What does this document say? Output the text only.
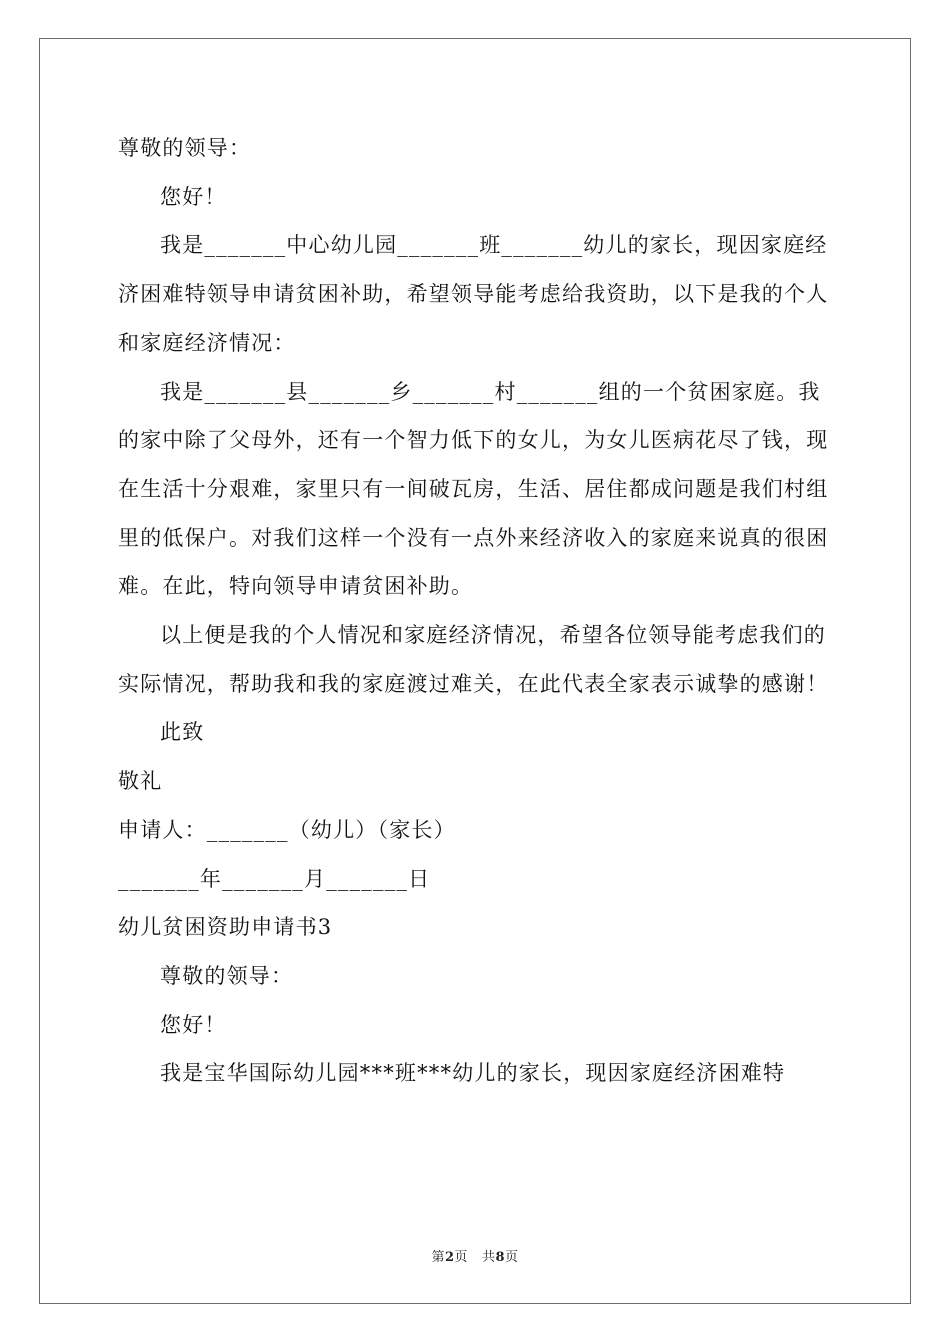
尊敬的领导：

您好！

我是_______中心幼儿园_______班_______幼儿的家长，现因家庭经济困难特领导申请贫困补助，希望领导能考虑给我资助，以下是我的个人和家庭经济情况：

我是_______县_______乡_______村_______组的一个贫困家庭。我的家中除了父母外，还有一个智力低下的女儿，为女儿医病花尽了钱，现在生活十分艰难，家里只有一间破瓦房，生活、居住都成问题是我们村组里的低保户。对我们这样一个没有一点外来经济收入的家庭来说真的很困难。在此，特向领导申请贫困补助。

以上便是我的个人情况和家庭经济情况，希望各位领导能考虑我们的实际情况，帮助我和我的家庭渡过难关，在此代表全家表示诚挚的感谢！

此致

敬礼

申请人：_______（幼儿）（家长）

_______年_______月_______日

幼儿贫困资助申请书3

尊敬的领导：

您好！

我是宝华国际幼儿园***班***幼儿的家长，现因家庭经济困难特

第2页 共8页
